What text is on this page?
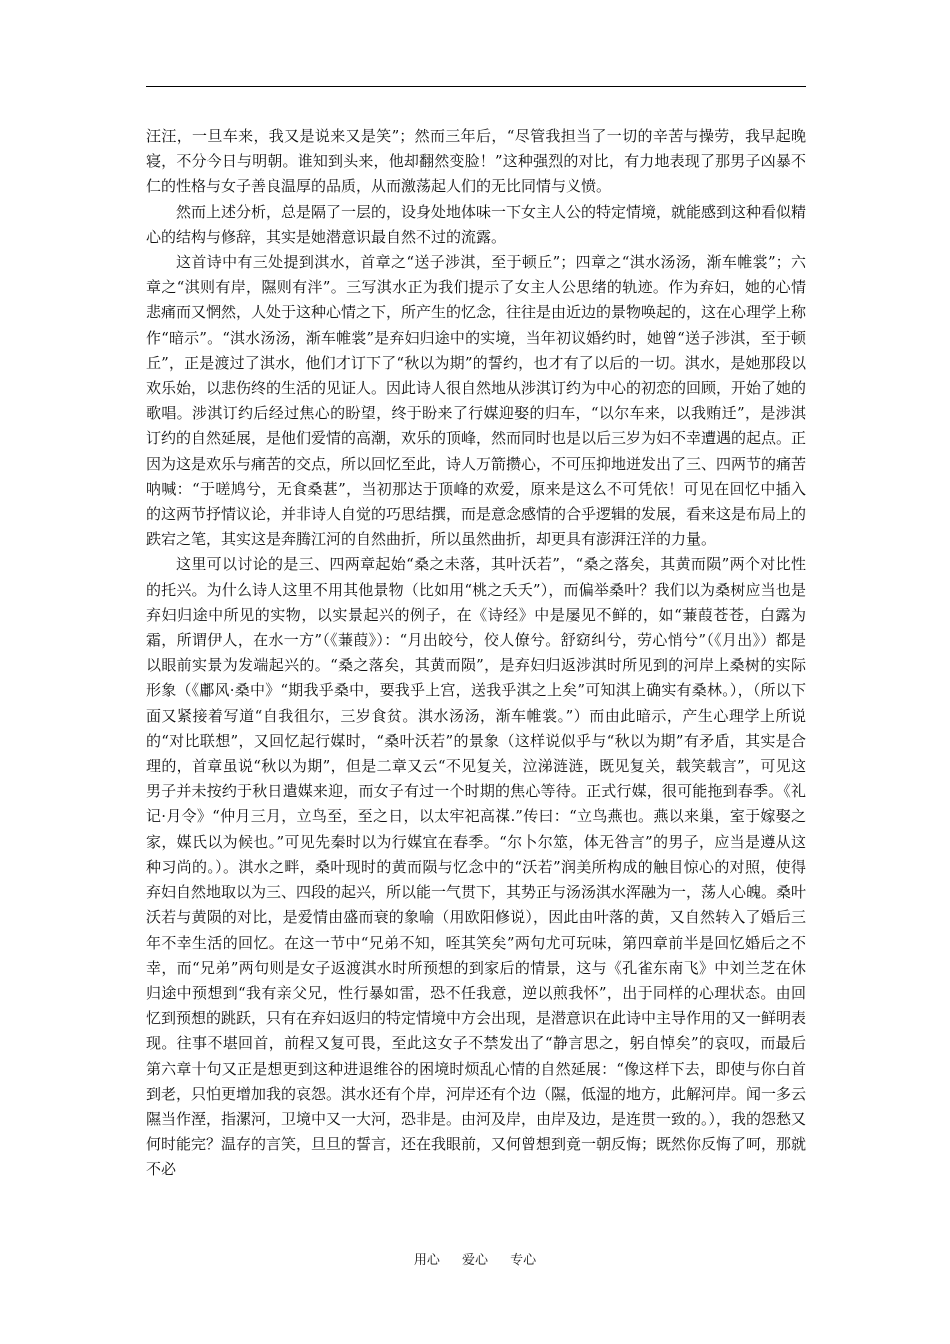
汪汪，一旦车来，我又是说来又是笑”；然而三年后，“尽管我担当了一切的辛苦与操劳，我早起晚寝，不分今日与明朝。谁知到头来，他却翻然变脸！”这种强烈的对比，有力地表现了那男子凶暴不仁的性格与女子善良温厚的品质，从而激荡起人们的无比同情与义愤。

然而上述分析，总是隔了一层的，设身处地体味一下女主人公的特定情境，就能感到这种看似精心的结构与修辞，其实是她潜意识最自然不过的流露。

这首诗中有三处提到淇水，首章之“送子涉淇，至于顿丘”；四章之“淇水汤汤，渐车帷裳”；六章之“淇则有岸，隰则有泮”。三写淇水正为我们提示了女主人公思绪的轨迹。作为弃妇，她的心情悲痛而又惘然，人处于这种心情之下，所产生的忆念，往往是由近边的景物唤起的，这在心理学上称作“暗示”。“淇水汤汤，渐车帷裳”是弃妇归途中的实境，当年初议婚约时，她曾“送子涉淇，至于顿丘”，正是渡过了淇水，他们才订下了“秋以为期”的誓约，也才有了以后的一切。淇水，是她那段以欢乐始，以悲伤终的生活的见证人。因此诗人很自然地从涉淇订约为中心的初恋的回顾，开始了她的歌唱。涉淇订约后经过焦心的盼望，终于盼来了行媒迎娶的归车，“以尔车来，以我贿迁”，是涉淇订约的自然延展，是他们爱情的高潮，欢乐的顶峰，然而同时也是以后三岁为妇不幸遭遇的起点。正因为这是欢乐与痛苦的交点，所以回忆至此，诗人万箭攒心，不可压抑地迸发出了三、四两节的痛苦呐喊：“于嗟鸠兮，无食桑葚”，当初那达于顶峰的欢爱，原来是这么不可凭依！可见在回忆中插入的这两节抒情议论，并非诗人自觉的巧思结撰，而是意念感情的合乎逻辑的发展，看来这是布局上的跌宕之笔，其实这是奔腾江河的自然曲折，所以虽然曲折，却更具有澎湃汪洋的力量。

这里可以讨论的是三、四两章起始“桑之未落，其叶沃若”，“桑之落矣，其黄而陨”两个对比性的托兴。为什么诗人这里不用其他景物（比如用“桃之夭夭”），而偏举桑叶？我们以为桑树应当也是弃妇归途中所见的实物，以实景起兴的例子，在《诗经》中是屡见不鲜的，如“蒹葭苍苍，白露为霜，所谓伊人，在水一方”（《蒹葭》）：“月出皎兮，佼人僚兮。舒窈纠兮，劳心悄兮”（《月出》）都是以眼前实景为发端起兴的。“桑之落矣，其黄而陨”，是弃妇归返涉淇时所见到的河岸上桑树的实际形象（《鄘风·桑中》“期我乎桑中，要我乎上宫，送我乎淇之上矣”可知淇上确实有桑林。），（所以下面又紧接着写道“自我徂尔，三岁食贫。淇水汤汤，渐车帷裳。”）而由此暗示，产生心理学上所说的“对比联想”，又回忆起行媒时，“桑叶沃若”的景象（这样说似乎与“秋以为期”有矛盾，其实是合理的，首章虽说“秋以为期”，但是二章又云“不见复关，泣涕涟涟，既见复关，载笑载言”，可见这男子并未按约于秋日遣媒来迎，而女子有过一个时期的焦心等待。正式行媒，很可能拖到春季。《礼记·月令》“仲月三月，立鸟至，至之日，以太牢祀高禖.”传曰：“立鸟燕也。燕以来巢，室于嫁娶之家，媒氏以为候也。”可见先秦时以为行媒宜在春季。“尔卜尔筮，体无咎言”的男子，应当是遵从这种习尚的。）。淇水之畔，桑叶现时的黄而陨与忆念中的“沃若”润美所构成的触目惊心的对照，使得弃妇自然地取以为三、四段的起兴，所以能一气贯下，其势正与汤汤淇水浑融为一，荡人心魄。桑叶沃若与黄陨的对比，是爱情由盛而衰的象喻（用欧阳修说），因此由叶落的黄，又自然转入了婚后三年不幸生活的回忆。在这一节中“兄弟不知，咥其笑矣”两句尤可玩味，第四章前半是回忆婚后之不幸，而“兄弟”两句则是女子返渡淇水时所预想的到家后的情景，这与《孔雀东南飞》中刘兰芝在休归途中预想到“我有亲父兄，性行暴如雷，恐不任我意，逆以煎我怀”，出于同样的心理状态。由回忆到预想的跳跃，只有在弃妇返归的特定情境中方会出现，是潜意识在此诗中主导作用的又一鲜明表现。往事不堪回首，前程又复可畏，至此这女子不禁发出了“静言思之，躬自悼矣”的哀叹，而最后第六章十句又正是想更到这种进退维谷的困境时烦乱心情的自然延展：“像这样下去，即使与你白首到老，只怕更增加我的哀怨。淇水还有个岸，河岸还有个边（隰，低湿的地方，此解河岸。闻一多云隰当作溼，指漯河，卫境中又一大河，恐非是。由河及岸，由岸及边，是连贯一致的。），我的怨愁又何时能完？温存的言笑，旦旦的誓言，还在我眼前，又何曾想到竟一朝反悔；既然你反悔了呵，那就不必

用心 爱心 专心
